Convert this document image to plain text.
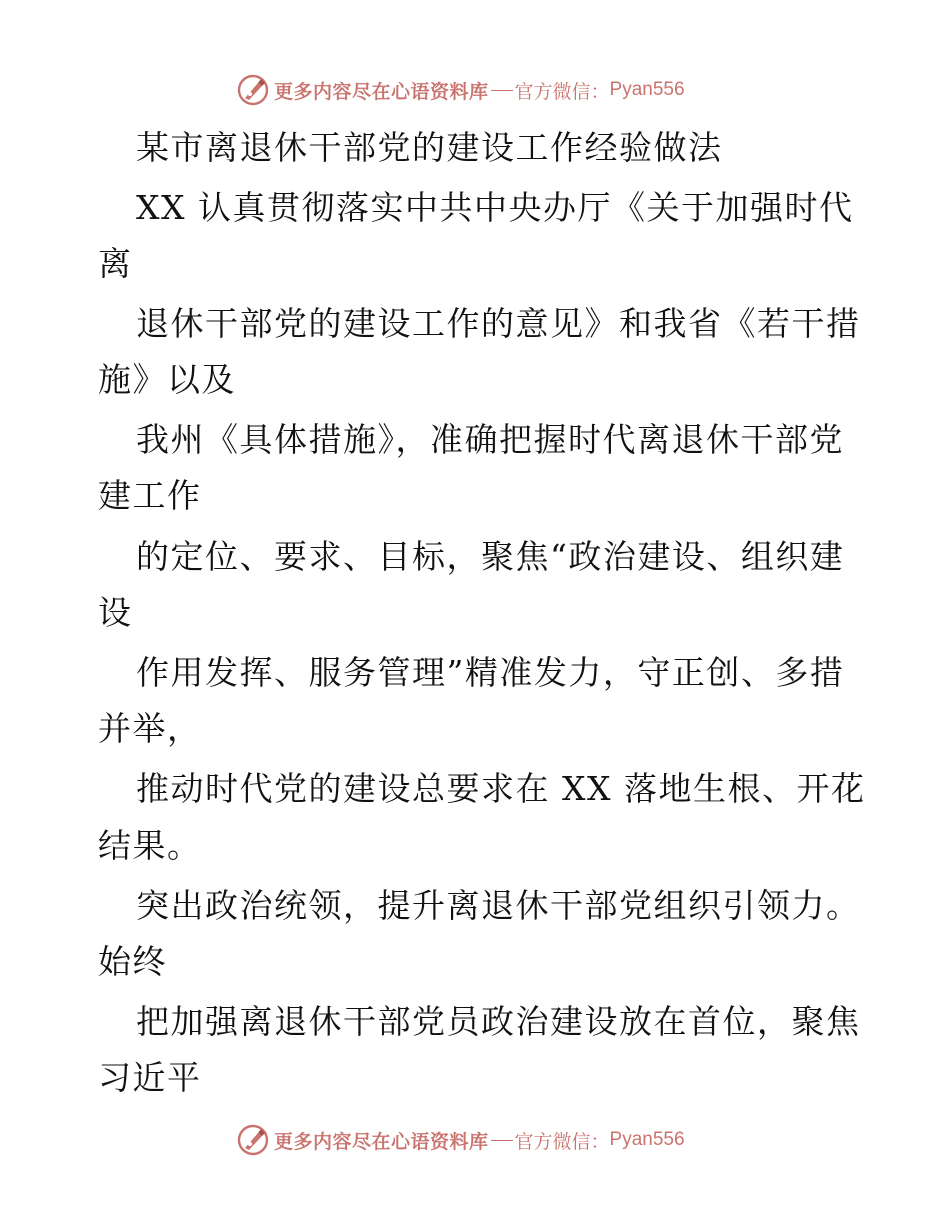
更多内容尽在心语资料库 官方微信 ： Pyan556
某市离退休干部党的建设工作经验做法
XX 认真贯彻落实中共中央办厅《关于加强时代
离
退休干部党的建设工作的意见》和我省《若干措
施》以及
我州《具体措施》，准确把握时代离退休干部党
建工作
的定位、要求、目标，聚焦“政治建设、组织建
设
作用发挥、服务管理”精准发力，守正创、多措
并举，
推动时代党的建设总要求在 XX 落地生根、开花
结果。
突出政治统领，提升离退休干部党组织引领力。
始终
把加强离退休干部党员政治建设放在首位，聚焦
习近平
更多内容尽在心语资料库 官方微信 ： Pyan556
